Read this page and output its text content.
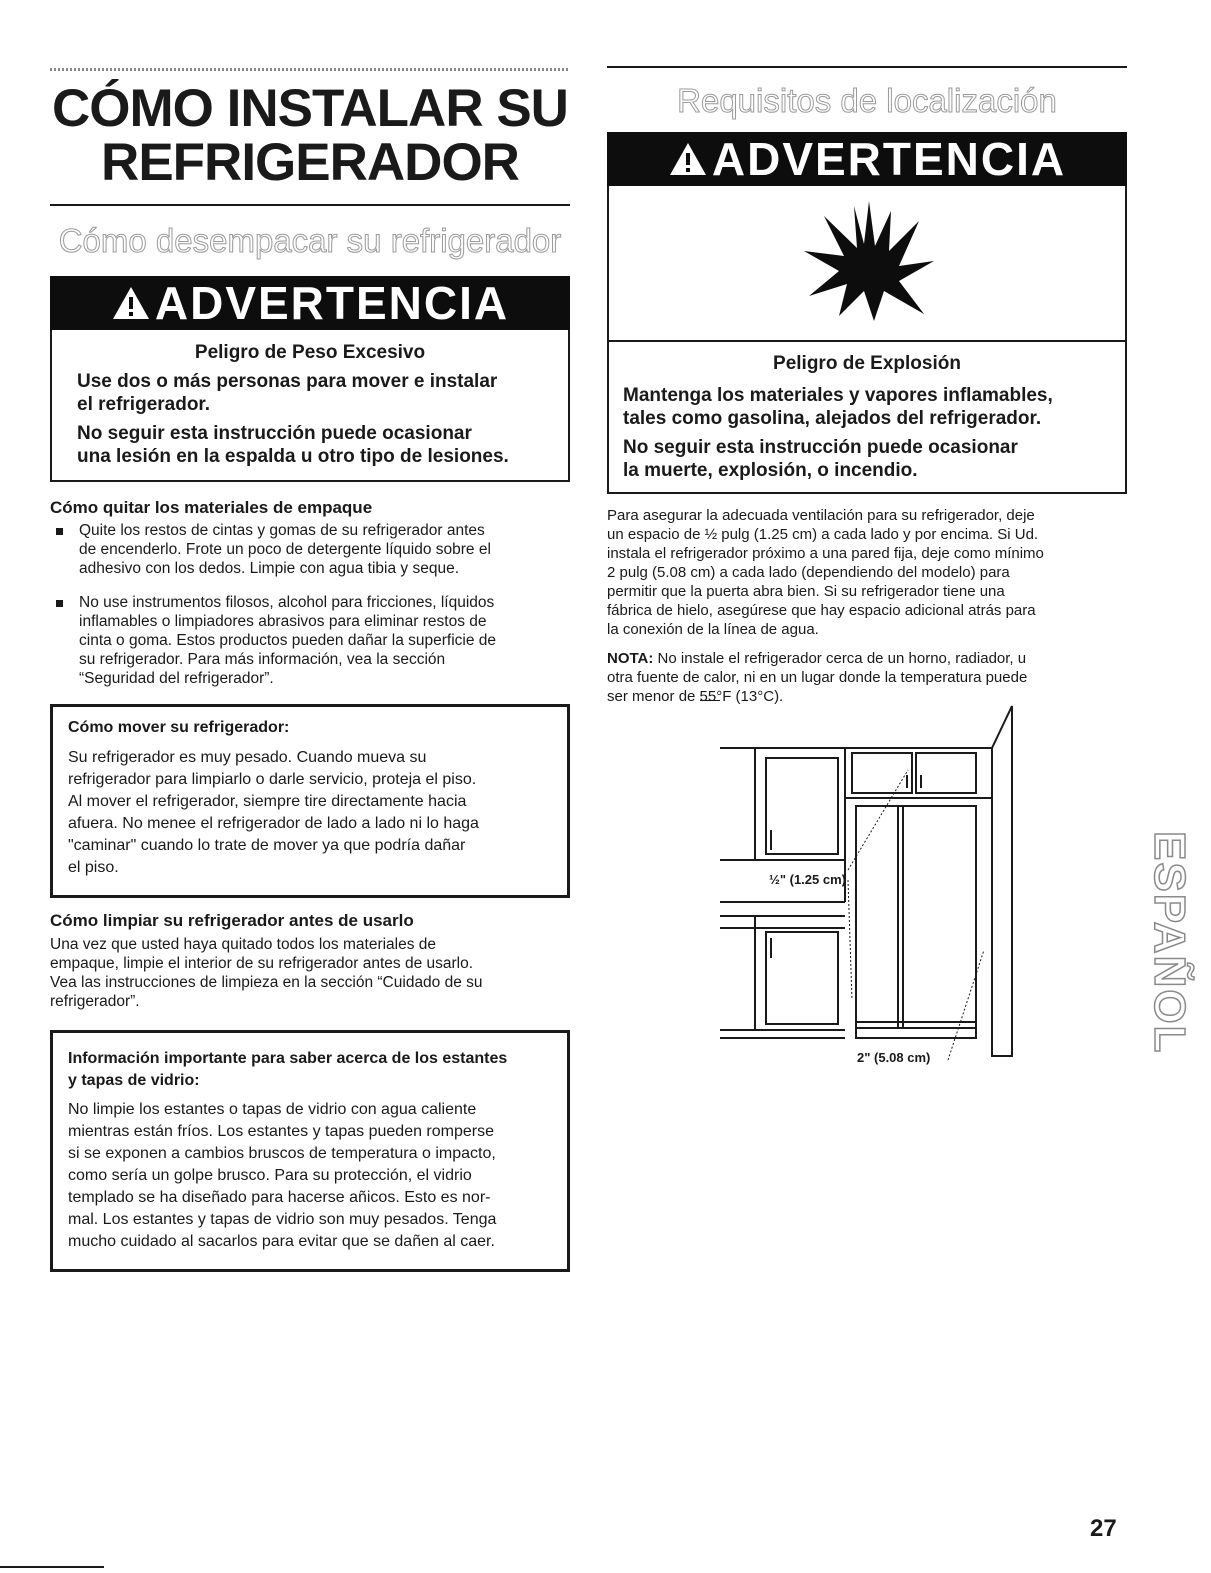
CÓMO INSTALAR SU
REFRIGERADOR
Cómo desempacar su refrigerador
ADVERTENCIA
Peligro de Peso Excesivo
Use dos o más personas para mover e instalar
el refrigerador.
No seguir esta instrucción puede ocasionar
una lesión en la espalda u otro tipo de lesiones.
Cómo quitar los materiales de empaque
Quite los restos de cintas y gomas de su refrigerador antes
de encenderlo. Frote un poco de detergente líquido sobre el
adhesivo con los dedos. Limpie con agua tibia y seque.
No use instrumentos filosos, alcohol para fricciones, líquidos
inflamables o limpiadores abrasivos para eliminar restos de
cinta o goma. Estos productos pueden dañar la superficie de
su refrigerador. Para más información, vea la sección
“Seguridad del refrigerador”.
Cómo mover su refrigerador:
Su refrigerador es muy pesado. Cuando mueva su
refrigerador para limpiarlo o darle servicio, proteja el piso.
Al mover el refrigerador, siempre tire directamente hacia
afuera. No menee el refrigerador de lado a lado ni lo haga
"caminar" cuando lo trate de mover ya que podría dañar
el piso.
Cómo limpiar su refrigerador antes de usarlo
Una vez que usted haya quitado todos los materiales de
empaque, limpie el interior de su refrigerador antes de usarlo.
Vea las instrucciones de limpieza en la sección “Cuidado de su
refrigerador”.
Información importante para saber acerca de los estantes
y tapas de vidrio:
No limpie los estantes o tapas de vidrio con agua caliente
mientras están fríos. Los estantes y tapas pueden romperse
si se exponen a cambios bruscos de temperatura o impacto,
como sería un golpe brusco. Para su protección, el vidrio
templado se ha diseñado para hacerse añicos. Esto es nor-
mal. Los estantes y tapas de vidrio son muy pesados. Tenga
mucho cuidado al sacarlos para evitar que se dañen al caer.
Requisitos de localización
ADVERTENCIA
Peligro de Explosión
Mantenga los materiales y vapores inflamables,
tales como gasolina, alejados del refrigerador.
No seguir esta instrucción puede ocasionar
la muerte, explosión, o incendio.
Para asegurar la adecuada ventilación para su refrigerador, deje
un espacio de ½ pulg (1.25 cm) a cada lado y por encima. Si Ud.
instala el refrigerador próximo a una pared fija, deje como mínimo
2 pulg (5.08 cm) a cada lado (dependiendo del modelo) para
permitir que la puerta abra bien. Si su refrigerador tiene una
fábrica de hielo, asegúrese que hay espacio adicional atrás para
la conexión de la línea de agua.
NOTA: No instale el refrigerador cerca de un horno, radiador, u
otra fuente de calor, ni en un lugar donde la temperatura puede
ser menor de 55°F (13°C).
½" (1.25 cm)
2" (5.08 cm)
ESPAÑOL
27
